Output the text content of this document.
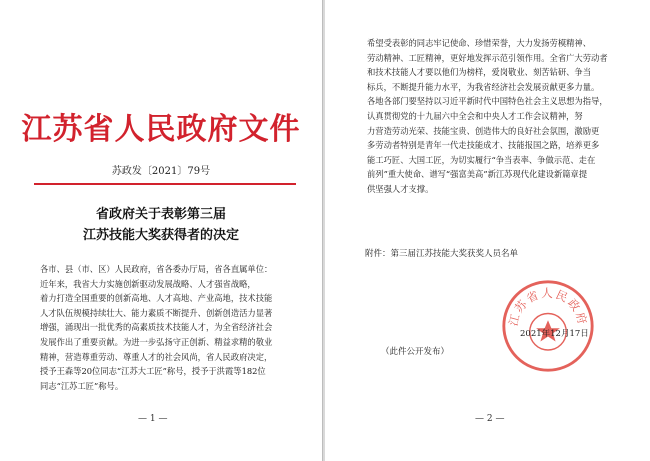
江苏省人民政府文件
苏政发〔2021〕79号
省政府关于表彰第三届
江苏技能大奖获得者的决定
各市、县（市、区）人民政府，省各委办厅局，省各直属单位：
近年来，我省大力实施创新驱动发展战略、人才强省战略，
着力打造全国重要的创新高地、人才高地、产业高地，技术技能
人才队伍规模持续壮大、能力素质不断提升、创新创造活力显著
增强，涌现出一批优秀的高素质技术技能人才，为全省经济社会
发展作出了重要贡献。为进一步弘扬守正创新、精益求精的敬业
精神，营造尊重劳动、尊重人才的社会风尚，省人民政府决定，
授予王森等20位同志“江苏大工匠”称号，授予于洪霞等182位
同志“江苏工匠”称号。
— 1 —
希望受表彰的同志牢记使命、珍惜荣誉，大力发扬劳模精神、
劳动精神、工匠精神，更好地发挥示范引领作用。全省广大劳动者
和技术技能人才要以他们为榜样，爱岗敬业、刻苦钻研、争当
标兵，不断提升能力水平，为我省经济社会发展贡献更多力量。
各地各部门要坚持以习近平新时代中国特色社会主义思想为指导，
认真贯彻党的十九届六中全会和中央人才工作会议精神，努
力营造劳动光荣、技能宝贵、创造伟大的良好社会氛围，激励更
多劳动者特别是青年一代走技能成才、技能报国之路，培养更多
能工巧匠、大国工匠，为切实履行“争当表率、争做示范、走在
前列”重大使命、谱写“强富美高”新江苏现代化建设新篇章提
供坚强人才支撑。
附件：第三届江苏技能大奖获奖人员名单
江苏省人民政府
2021年12月17日
（此件公开发布）
— 2 —
